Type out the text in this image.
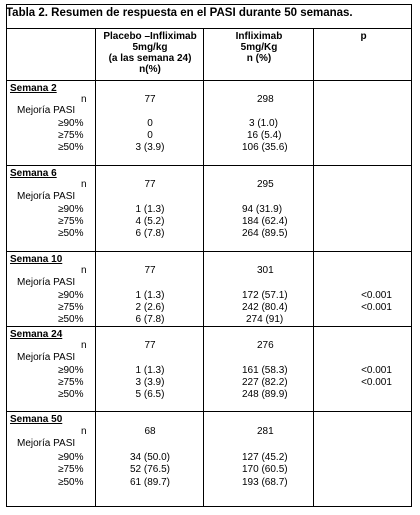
Tabla 2. Resumen de respuesta en el PASI durante 50 semanas.
Placebo –Infliximab
5mg/kg
(a las semana 24)
n(%)
Infliximab
5mg/Kg
n (%)
p
Semana 2
n
Mejoría PASI
≥90%
≥75%
≥50%
77
0
0
3 (3.9)
298
3 (1.0)
16 (5.4)
106 (35.6)
Semana 6
n
Mejoría PASI
≥90%
≥75%
≥50%
77
1 (1.3)
4 (5.2)
6 (7.8)
295
94 (31.9)
184 (62.4)
264 (89.5)
Semana 10
n
Mejoría PASI
≥90%
≥75%
≥50%
77
1 (1.3)
2 (2.6)
6 (7.8)
301
172 (57.1)
242 (80.4)
274 (91)
<0.001
<0.001
Semana 24
n
Mejoría PASI
≥90%
≥75%
≥50%
77
1 (1.3)
3 (3.9)
5 (6.5)
276
161 (58.3)
227 (82.2)
248 (89.9)
<0.001
<0.001
Semana 50
n
Mejoría PASI
≥90%
≥75%
≥50%
68
34 (50.0)
52 (76.5)
61 (89.7)
281
127 (45.2)
170 (60.5)
193 (68.7)
